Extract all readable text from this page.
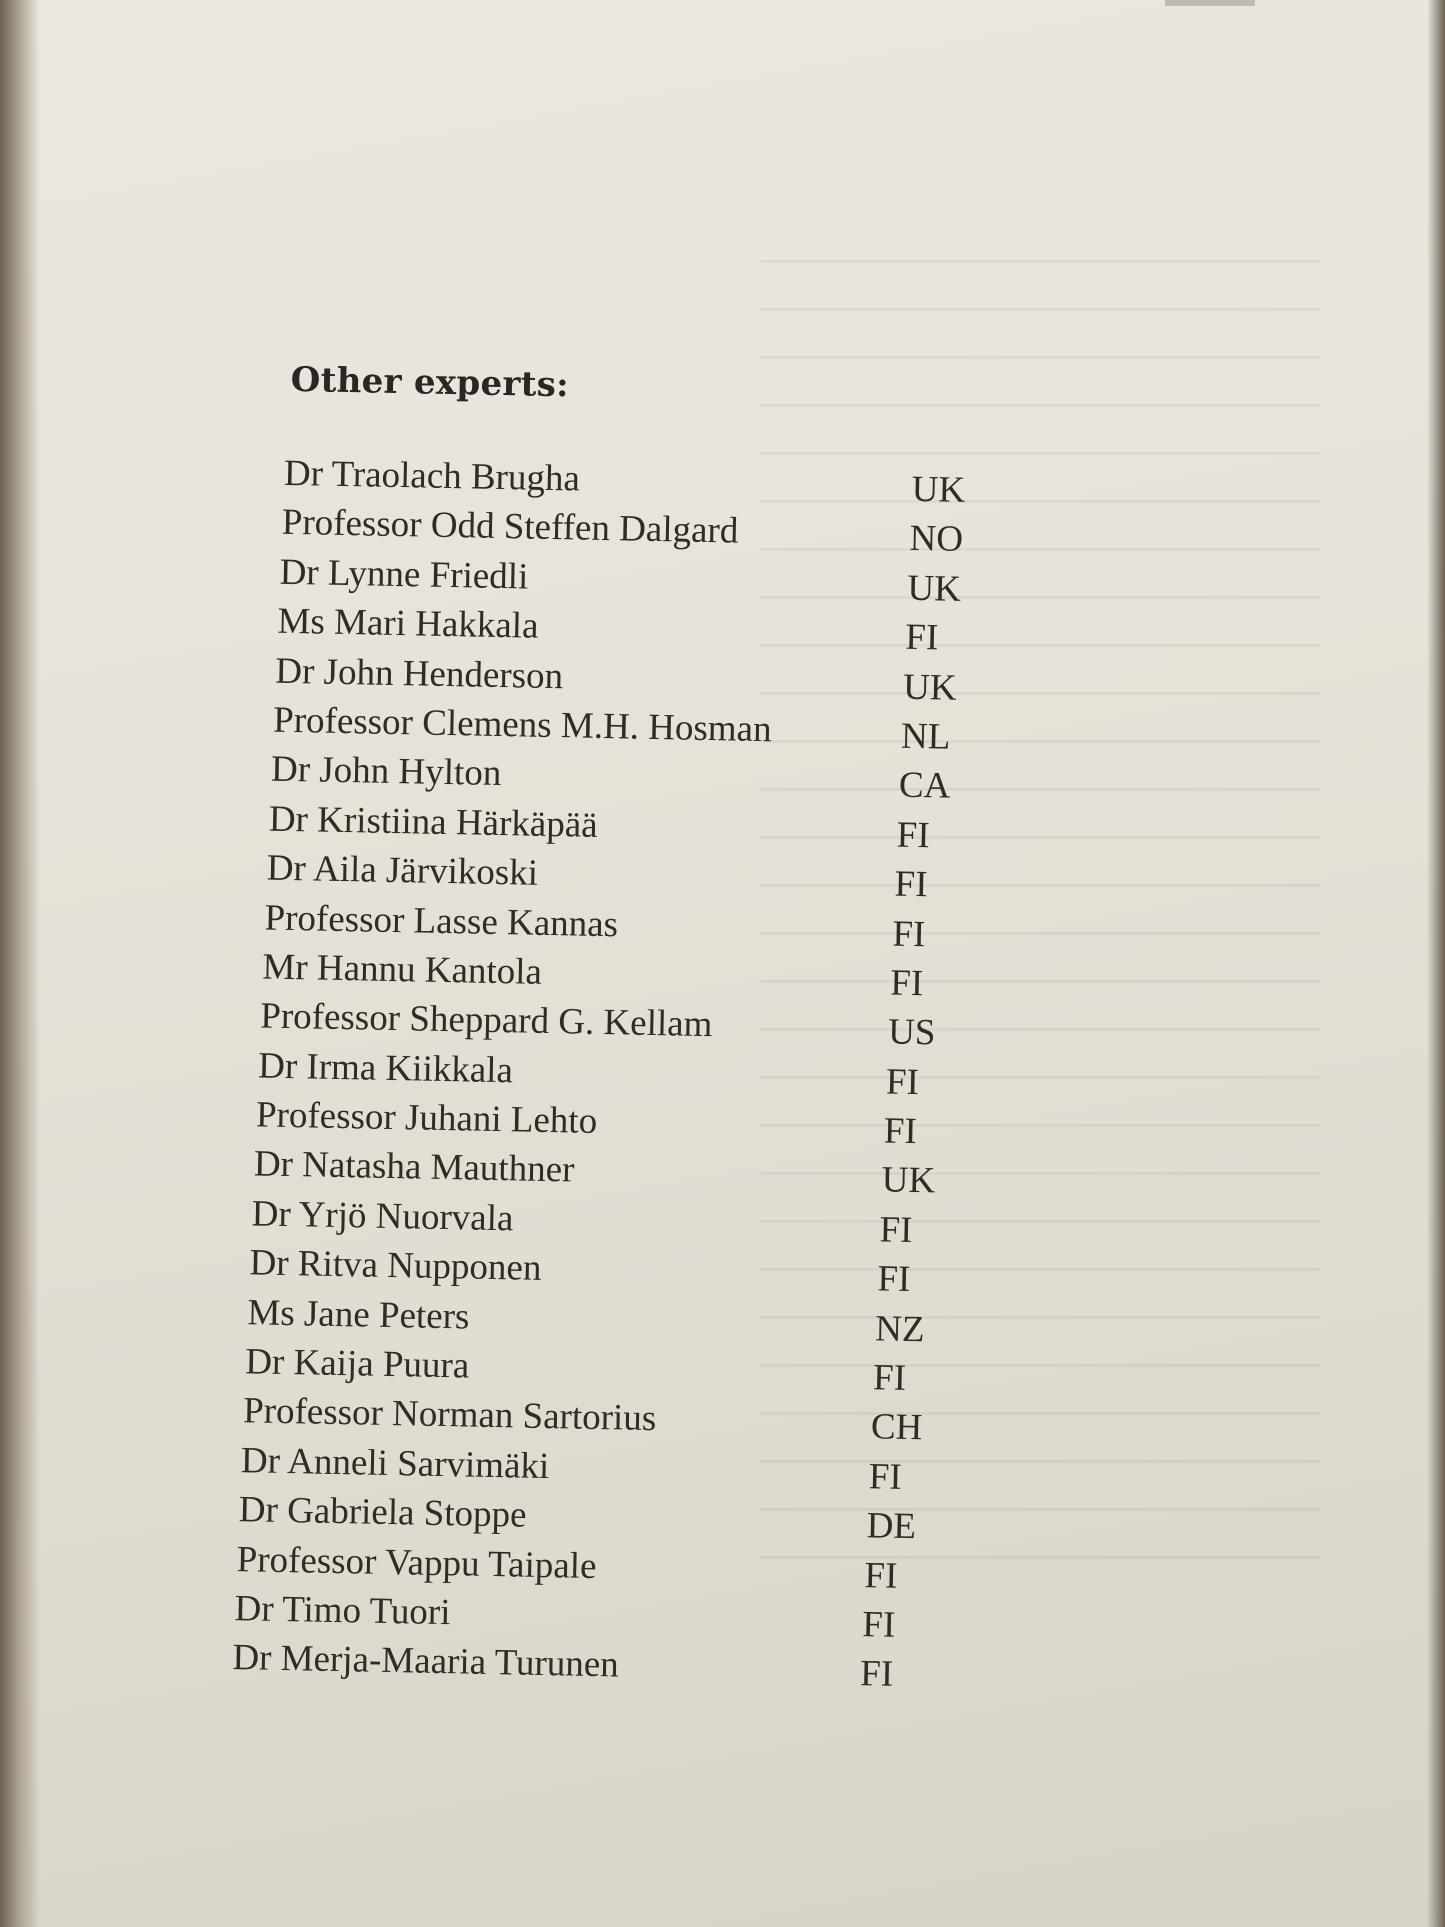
Other experts:
Dr Traolach Brugha	UK
Professor Odd Steffen Dalgard	NO
Dr Lynne Friedli	UK
Ms Mari Hakkala	FI
Dr John Henderson	UK
Professor Clemens M.H. Hosman	NL
Dr John Hylton	CA
Dr Kristiina Härkäpää	FI
Dr Aila Järvikoski	FI
Professor Lasse Kannas	FI
Mr Hannu Kantola	FI
Professor Sheppard G. Kellam	US
Dr Irma Kiikkala	FI
Professor Juhani Lehto	FI
Dr Natasha Mauthner	UK
Dr Yrjö Nuorvala	FI
Dr Ritva Nupponen	FI
Ms Jane Peters	NZ
Dr Kaija Puura	FI
Professor Norman Sartorius	CH
Dr Anneli Sarvimäki	FI
Dr Gabriela Stoppe	DE
Professor Vappu Taipale	FI
Dr Timo Tuori	FI
Dr Merja-Maaria Turunen	FI
